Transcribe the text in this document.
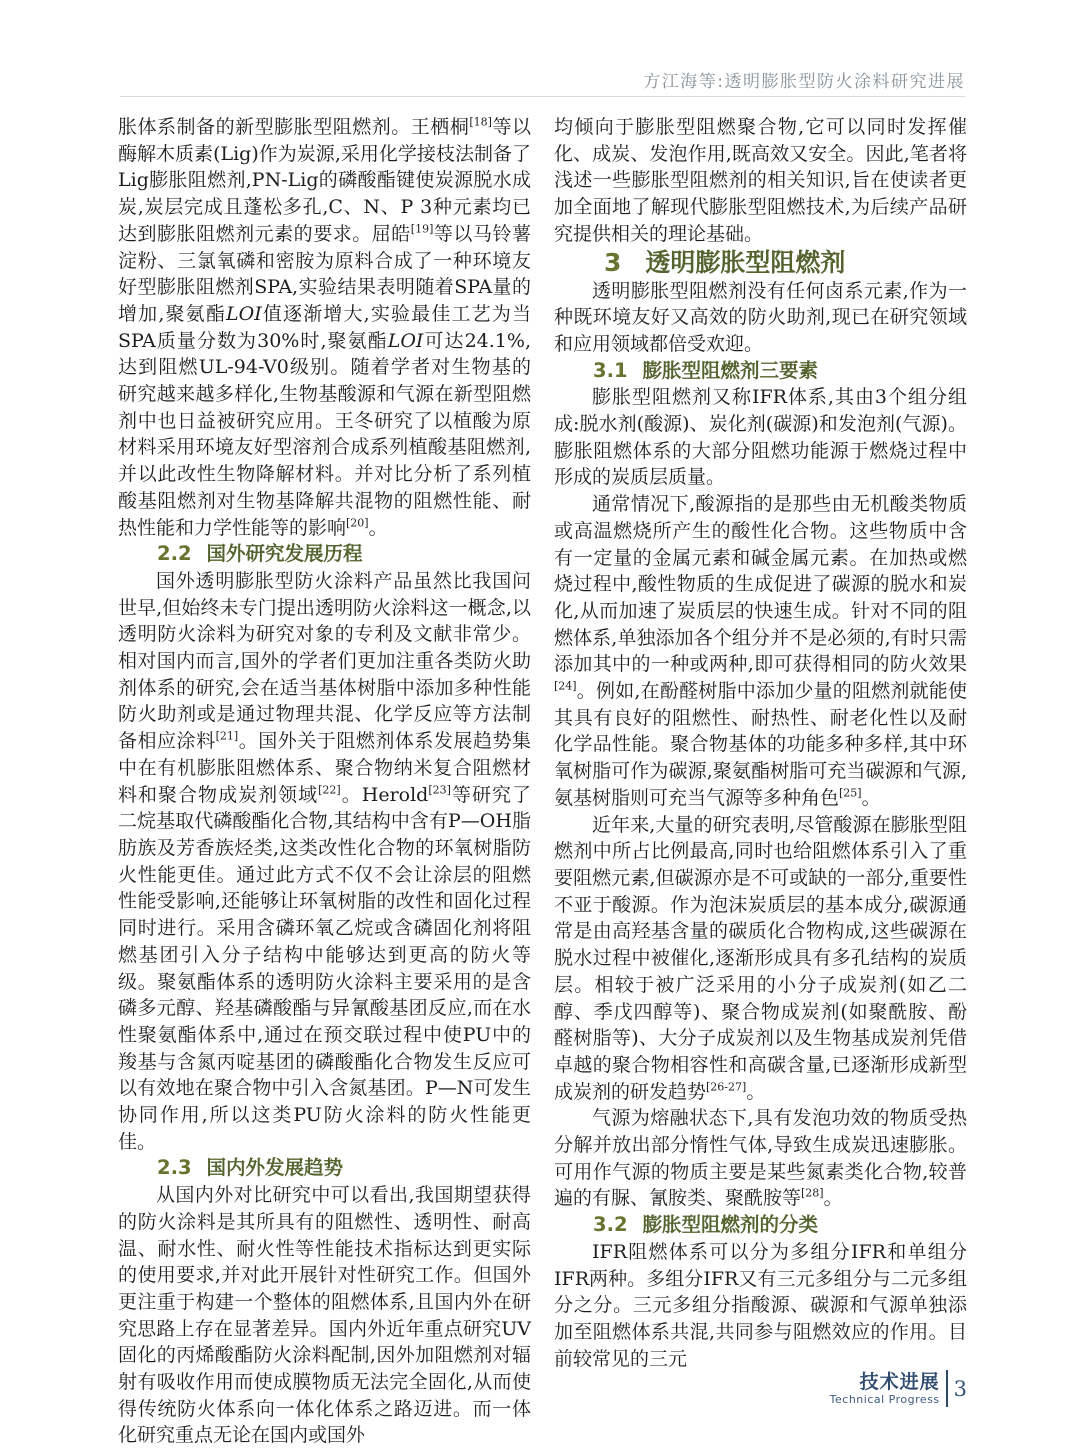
方江海等:透明膨胀型防火涂料研究进展

胀体系制备的新型膨胀型阻燃剂。王栖桐[18]等以酶解木质素(Lig)作为炭源,采用化学接枝法制备了Lig膨胀阻燃剂,PN-Lig的磷酸酯键使炭源脱水成炭,炭层完成且蓬松多孔,C、N、P 3种元素均已达到膨胀阻燃剂元素的要求。屈皓[19]等以马铃薯淀粉、三氯氧磷和密胺为原料合成了一种环境友好型膨胀阻燃剂SPA,实验结果表明随着SPA量的增加,聚氨酯LOI值逐渐增大,实验最佳工艺为当SPA质量分数为30%时,聚氨酯LOI可达24.1%,达到阻燃UL-94-V0级别。随着学者对生物基的研究越来越多样化,生物基酸源和气源在新型阻燃剂中也日益被研究应用。王冬研究了以植酸为原材料采用环境友好型溶剂合成系列植酸基阻燃剂,并以此改性生物降解材料。并对比分析了系列植酸基阻燃剂对生物基降解共混物的阻燃性能、耐热性能和力学性能等的影响[20]。

2.2 国外研究发展历程

国外透明膨胀型防火涂料产品虽然比我国问世早,但始终未专门提出透明防火涂料这一概念,以透明防火涂料为研究对象的专利及文献非常少。相对国内而言,国外的学者们更加注重各类防火助剂体系的研究,会在适当基体树脂中添加多种性能防火助剂或是通过物理共混、化学反应等方法制备相应涂料[21]。国外关于阻燃剂体系发展趋势集中在有机膨胀阻燃体系、聚合物纳米复合阻燃材料和聚合物成炭剂领域[22]。Herold[23]等研究了二烷基取代磷酸酯化合物,其结构中含有P—OH脂肪族及芳香族烃类,这类改性化合物的环氧树脂防火性能更佳。通过此方式不仅不会让涂层的阻燃性能受影响,还能够让环氧树脂的改性和固化过程同时进行。采用含磷环氧乙烷或含磷固化剂将阻燃基团引入分子结构中能够达到更高的防火等级。聚氨酯体系的透明防火涂料主要采用的是含磷多元醇、羟基磷酸酯与异氰酸基团反应,而在水性聚氨酯体系中,通过在预交联过程中使PU中的羧基与含氮丙啶基团的磷酸酯化合物发生反应可以有效地在聚合物中引入含氮基团。P—N可发生协同作用,所以这类PU防火涂料的防火性能更佳。

2.3 国内外发展趋势

从国内外对比研究中可以看出,我国期望获得的防火涂料是其所具有的阻燃性、透明性、耐高温、耐水性、耐火性等性能技术指标达到更实际的使用要求,并对此开展针对性研究工作。但国外更注重于构建一个整体的阻燃体系,且国内外在研究思路上存在显著差异。国内外近年重点研究UV固化的丙烯酸酯防火涂料配制,因外加阻燃剂对辐射有吸收作用而使成膜物质无法完全固化,从而使得传统防火体系向一体化体系之路迈进。而一体化研究重点无论在国内或国外

均倾向于膨胀型阻燃聚合物,它可以同时发挥催化、成炭、发泡作用,既高效又安全。因此,笔者将浅述一些膨胀型阻燃剂的相关知识,旨在使读者更加全面地了解现代膨胀型阻燃技术,为后续产品研究提供相关的理论基础。

3 透明膨胀型阻燃剂

透明膨胀型阻燃剂没有任何卤系元素,作为一种既环境友好又高效的防火助剂,现已在研究领域和应用领域都倍受欢迎。

3.1 膨胀型阻燃剂三要素

膨胀型阻燃剂又称IFR体系,其由3个组分组成:脱水剂(酸源)、炭化剂(碳源)和发泡剂(气源)。膨胀阻燃体系的大部分阻燃功能源于燃烧过程中形成的炭质层质量。

通常情况下,酸源指的是那些由无机酸类物质或高温燃烧所产生的酸性化合物。这些物质中含有一定量的金属元素和碱金属元素。在加热或燃烧过程中,酸性物质的生成促进了碳源的脱水和炭化,从而加速了炭质层的快速生成。针对不同的阻燃体系,单独添加各个组分并不是必须的,有时只需添加其中的一种或两种,即可获得相同的防火效果[24]。例如,在酚醛树脂中添加少量的阻燃剂就能使其具有良好的阻燃性、耐热性、耐老化性以及耐化学品性能。聚合物基体的功能多种多样,其中环氧树脂可作为碳源,聚氨酯树脂可充当碳源和气源,氨基树脂则可充当气源等多种角色[25]。

近年来,大量的研究表明,尽管酸源在膨胀型阻燃剂中所占比例最高,同时也给阻燃体系引入了重要阻燃元素,但碳源亦是不可或缺的一部分,重要性不亚于酸源。作为泡沫炭质层的基本成分,碳源通常是由高羟基含量的碳质化合物构成,这些碳源在脱水过程中被催化,逐渐形成具有多孔结构的炭质层。相较于被广泛采用的小分子成炭剂(如乙二醇、季戊四醇等)、聚合物成炭剂(如聚酰胺、酚醛树脂等)、大分子成炭剂以及生物基成炭剂凭借卓越的聚合物相容性和高碳含量,已逐渐形成新型成炭剂的研发趋势[26-27]。

气源为熔融状态下,具有发泡功效的物质受热分解并放出部分惰性气体,导致生成炭迅速膨胀。可用作气源的物质主要是某些氮素类化合物,较普遍的有脲、氰胺类、聚酰胺等[28]。

3.2 膨胀型阻燃剂的分类

IFR阻燃体系可以分为多组分IFR和单组分IFR两种。多组分IFR又有三元多组分与二元多组分之分。三元多组分指酸源、碳源和气源单独添加至阻燃体系共混,共同参与阻燃效应的作用。目前较常见的三元

技术进展
Technical Progress 3
